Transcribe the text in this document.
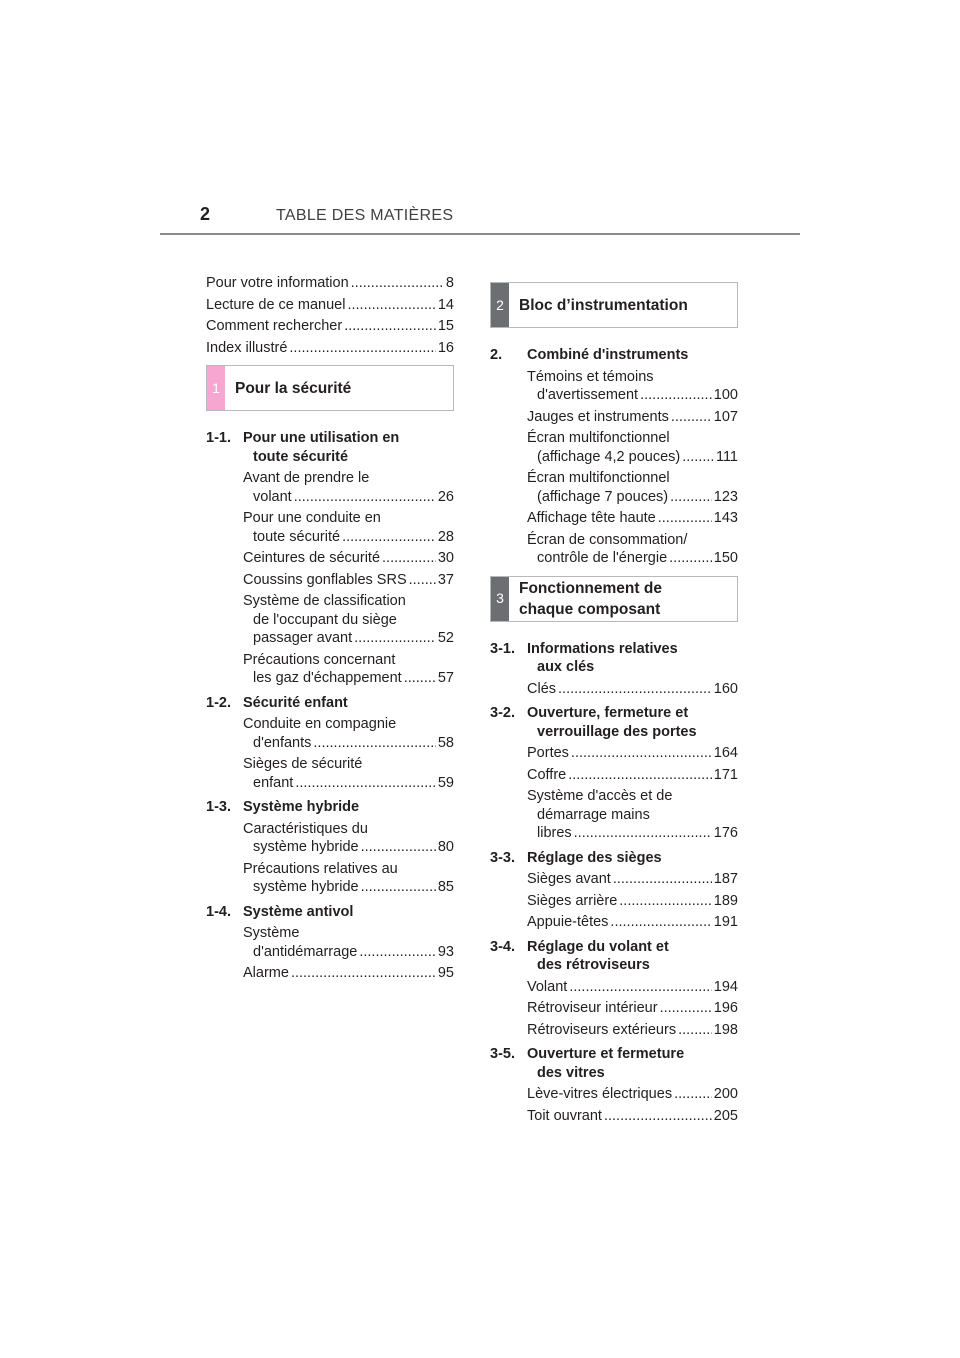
2	TABLE DES MATIÈRES
Pour votre information .....	8
Lecture de ce manuel .....	14
Comment rechercher .....	15
Index illustré .....	16
1 Pour la sécurité
1-1. Pour une utilisation en
toute sécurité
Avant de prendre le
volant .....	26
Pour une conduite en
toute sécurité .....	28
Ceintures de sécurité .....	30
Coussins gonflables SRS ..... 37
Système de classification
de l'occupant du siège
passager avant .....	52
Précautions concernant
les gaz d'échappement ..... 57
1-2. Sécurité enfant
Conduite en compagnie
d'enfants .....	58
Sièges de sécurité
enfant .....	59
1-3. Système hybride
Caractéristiques du
système hybride .....	80
Précautions relatives au
système hybride .....	85
1-4. Système antivol
Système
d'antidémarrage .....	93
Alarme .....	95
2 Bloc d’instrumentation
2.	Combiné d'instruments
Témoins et témoins
d'avertissement .....	100
Jauges et instruments .....	107
Écran multifonctionnel
(affichage 4,2 pouces) ..... 111
Écran multifonctionnel
(affichage 7 pouces) .....	123
Affichage tête haute .....	143
Écran de consommation/
contrôle de l'énergie .....	150
3
Fonctionnement de
chaque composant
3-1. Informations relatives
aux clés
Clés .....	160
3-2. Ouverture, fermeture et
verrouillage des portes
Portes .....	164
Coffre .....	171
Système d'accès et de
démarrage mains
libres .....	176
3-3. Réglage des sièges
Sièges avant .....	187
Sièges arrière .....	189
Appuie-têtes .....	191
3-4. Réglage du volant et
des rétroviseurs
Volant .....	194
Rétroviseur intérieur .....	196
Rétroviseurs extérieurs .....	198
3-5. Ouverture et fermeture
des vitres
Lève-vitres électriques .....	200
Toit ouvrant .....	205
